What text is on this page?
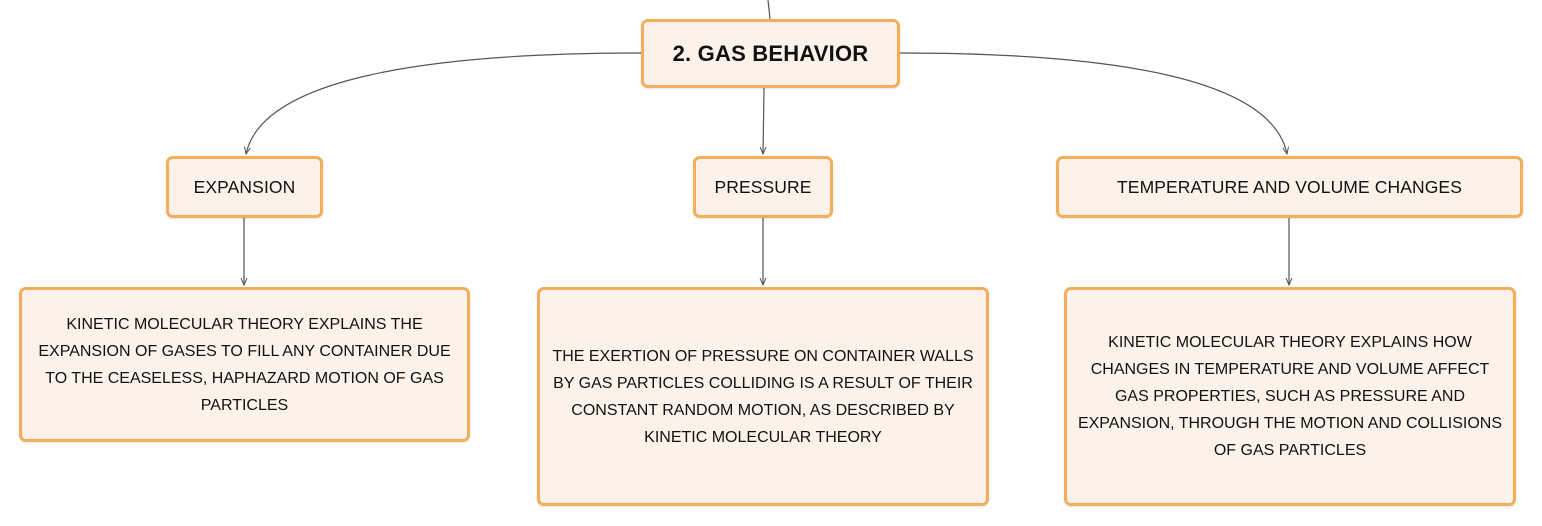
2. GAS BEHAVIOR
EXPANSION	PRESSURE	TEMPERATURE AND VOLUME CHANGES
KINETIC MOLECULAR THEORY EXPLAINS THE EXPANSION OF GASES TO FILL ANY CONTAINER DUE TO THE CEASELESS, HAPHAZARD MOTION OF GAS PARTICLES
THE EXERTION OF PRESSURE ON CONTAINER WALLS BY GAS PARTICLES COLLIDING IS A RESULT OF THEIR CONSTANT RANDOM MOTION, AS DESCRIBED BY KINETIC MOLECULAR THEORY
KINETIC MOLECULAR THEORY EXPLAINS HOW CHANGES IN TEMPERATURE AND VOLUME AFFECT GAS PROPERTIES, SUCH AS PRESSURE AND EXPANSION, THROUGH THE MOTION AND COLLISIONS OF GAS PARTICLES
